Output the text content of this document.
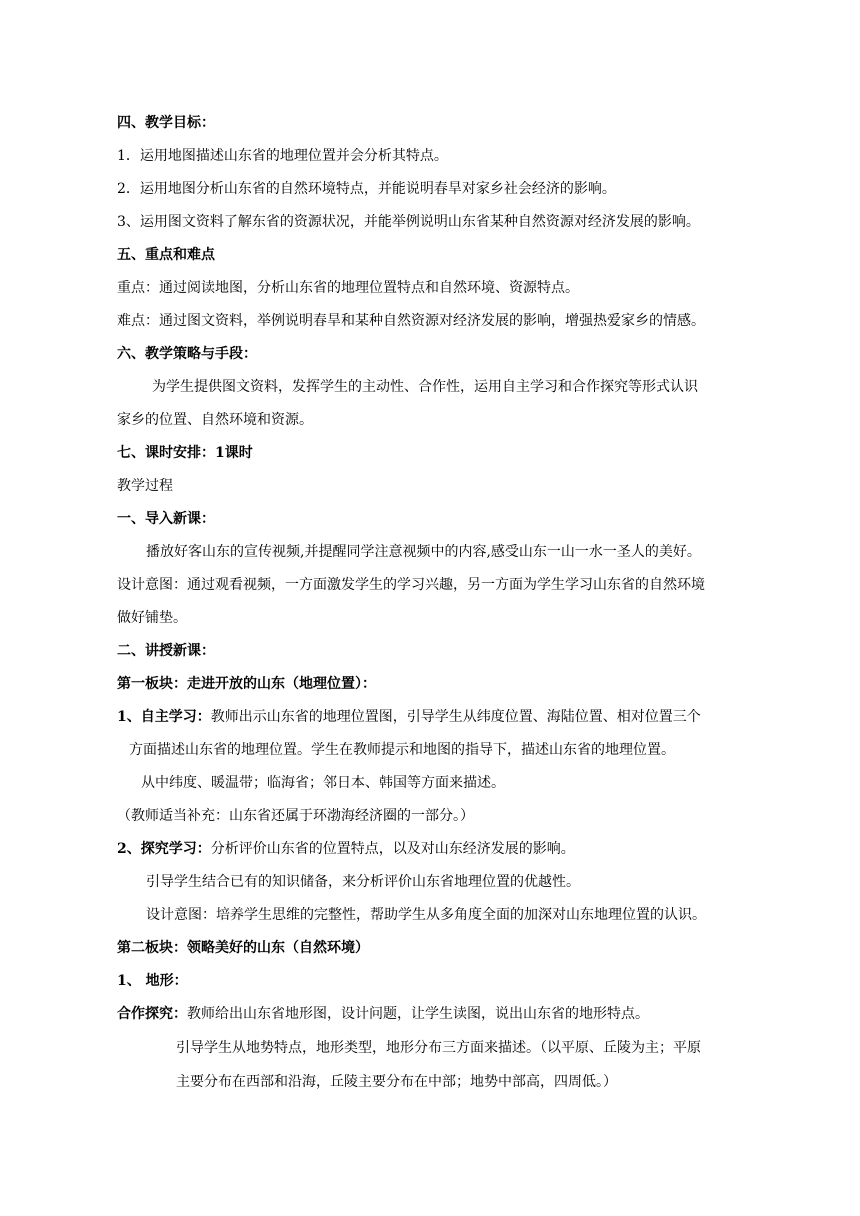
四、教学目标：
1．运用地图描述山东省的地理位置并会分析其特点。
2．运用地图分析山东省的自然环境特点，并能说明春旱对家乡社会经济的影响。
3、运用图文资料了解东省的资源状况，并能举例说明山东省某种自然资源对经济发展的影响。
五、重点和难点
重点：通过阅读地图，分析山东省的地理位置特点和自然环境、资源特点。
难点：通过图文资料，举例说明春旱和某种自然资源对经济发展的影响，增强热爱家乡的情感。
六、教学策略与手段：
为学生提供图文资料，发挥学生的主动性、合作性，运用自主学习和合作探究等形式认识
家乡的位置、自然环境和资源。
七、课时安排：1课时
教学过程
一、导入新课：
播放好客山东的宣传视频,并提醒同学注意视频中的内容,感受山东一山一水一圣人的美好。
设计意图：通过观看视频，一方面激发学生的学习兴趣，另一方面为学生学习山东省的自然环境
做好铺垫。
二、讲授新课：
第一板块：走进开放的山东（地理位置）：
1、自主学习：教师出示山东省的地理位置图，引导学生从纬度位置、海陆位置、相对位置三个
方面描述山东省的地理位置。学生在教师提示和地图的指导下，描述山东省的地理位置。
从中纬度、暖温带；临海省；邻日本、韩国等方面来描述。
（教师适当补充：山东省还属于环渤海经济圈的一部分。）
2、探究学习：分析评价山东省的位置特点，以及对山东经济发展的影响。
引导学生结合已有的知识储备，来分析评价山东省地理位置的优越性。
设计意图：培养学生思维的完整性，帮助学生从多角度全面的加深对山东地理位置的认识。
第二板块：领略美好的山东（自然环境）
1、 地形：
合作探究：教师给出山东省地形图，设计问题，让学生读图，说出山东省的地形特点。
引导学生从地势特点，地形类型，地形分布三方面来描述。（以平原、丘陵为主；平原
主要分布在西部和沿海，丘陵主要分布在中部；地势中部高，四周低。）
